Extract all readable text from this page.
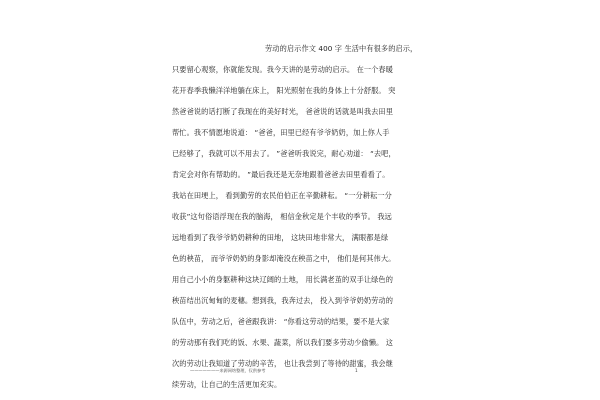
劳动的启示作文 400 字 生活中有很多的启示，
只要留心观察，你就能发现。我今天讲的是劳动的启示。 在一个春暖
花开春季我懒洋洋地躺在床上， 阳光照射在我的身体上十分舒服。 突
然爸爸说的话打断了我现在的美好时光， 爸爸说的话就是叫我去田里
帮忙。我不情愿地说道： “爸爸，田里已经有爷爷奶奶，加上你人手
已经够了，我就可以不用去了。 ”爸爸听我说完，耐心劝道： “去吧，
肯定会对你有帮助的。 ”最后我还是无奈地跟着爸爸去田里看看了。
我站在田埂上， 看到勤劳的农民伯伯正在辛勤耕耘。 “一分耕耘一分
收获”这句俗语浮现在我的脑海， 相信金秋定是个丰收的季节。 我远
远地看到了我爷爷奶奶耕种的田地， 这块田地非常大， 满眼都是绿
色的秧苗， 而爷爷奶奶的身影却淹没在秧苗之中， 他们是何其伟大。
用自己小小的身躯耕种这块辽阔的土地， 用长满老茧的双手让绿色的
秧苗结出沉甸甸的麦穗。想到我，我奔过去， 投入到爷爷奶奶劳动的
队伍中，劳动之后，爸爸跟我讲： “你看这劳动的结果，要不是大家
的劳动那有我们吃的饭、水果、蔬菜，所以我们要多劳动少偷懒。 这
次的劳动让我知道了劳动的辛苦， 也让我尝到了等待的甜蜜，我会继
续劳动，让自己的生活更加充实。
———————来源网络整理，仅供参考	1
